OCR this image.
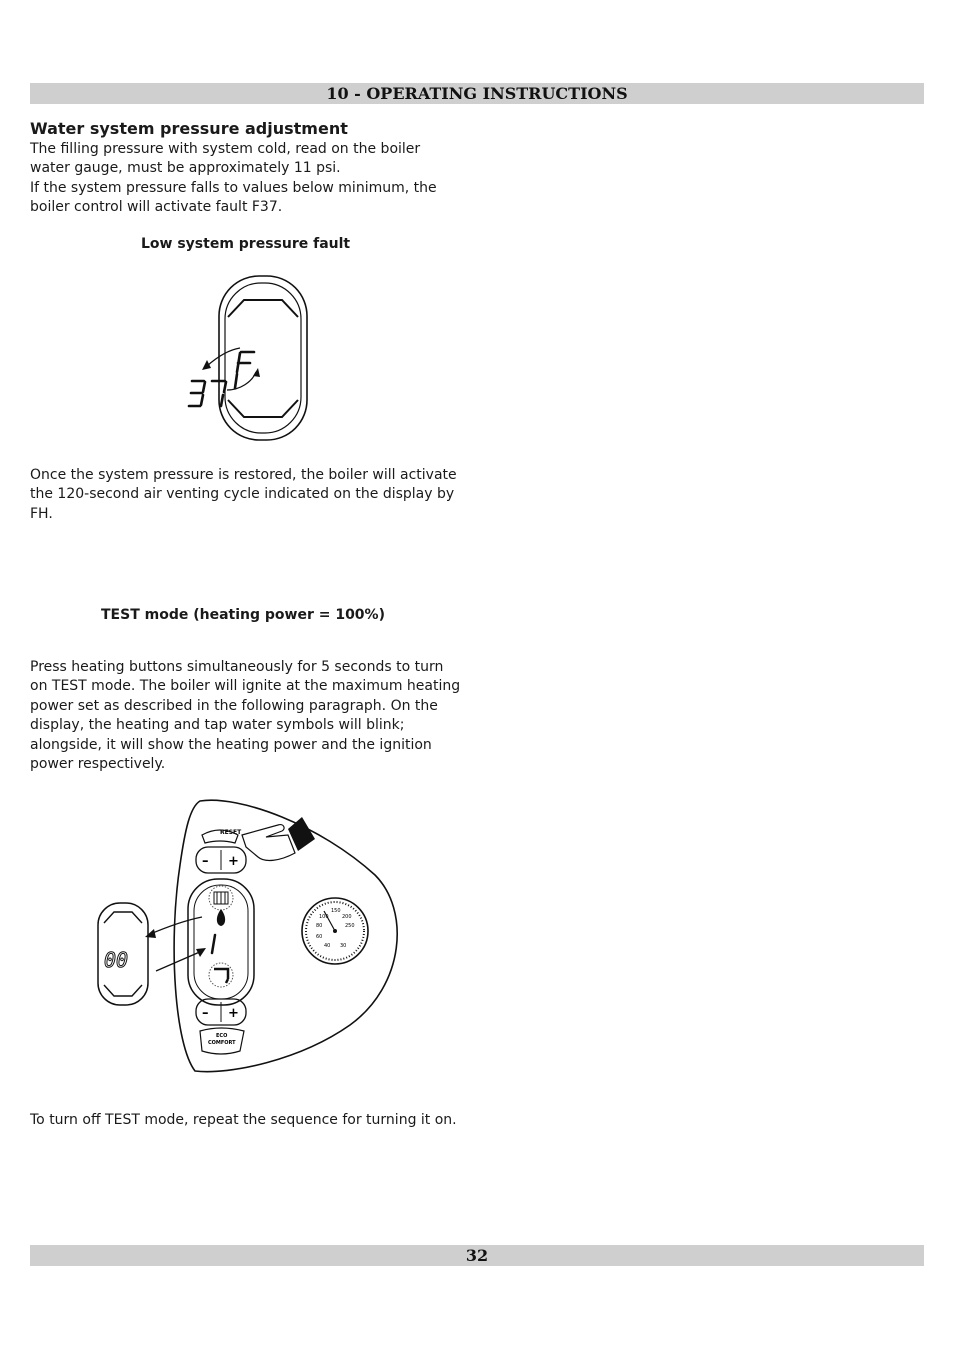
10 - OPERATING INSTRUCTIONS
Water system pressure adjustment

The filling pressure with system cold, read on the boiler water gauge, must be approximately 11 psi.

If the system pressure falls to values below minimum, the boiler control will activate fault F37.

Low system pressure fault

Once the system pressure is restored, the boiler will activate the 120-second air venting cycle indicated on the display by FH.

TEST mode (heating power = 100%)

Press heating buttons simultaneously for 5 seconds to turn on TEST mode. The boiler will ignite at the maximum heating power set as described in the following paragraph. On the display, the heating and tap water symbols will blink; alongside, it will show the heating power and the ignition power respectively.

RESET
– +
– +
ECO
COMFORT
100
150
200
80	250
60
40 30
00

To turn off TEST mode, repeat the sequence for turning it on.

32
